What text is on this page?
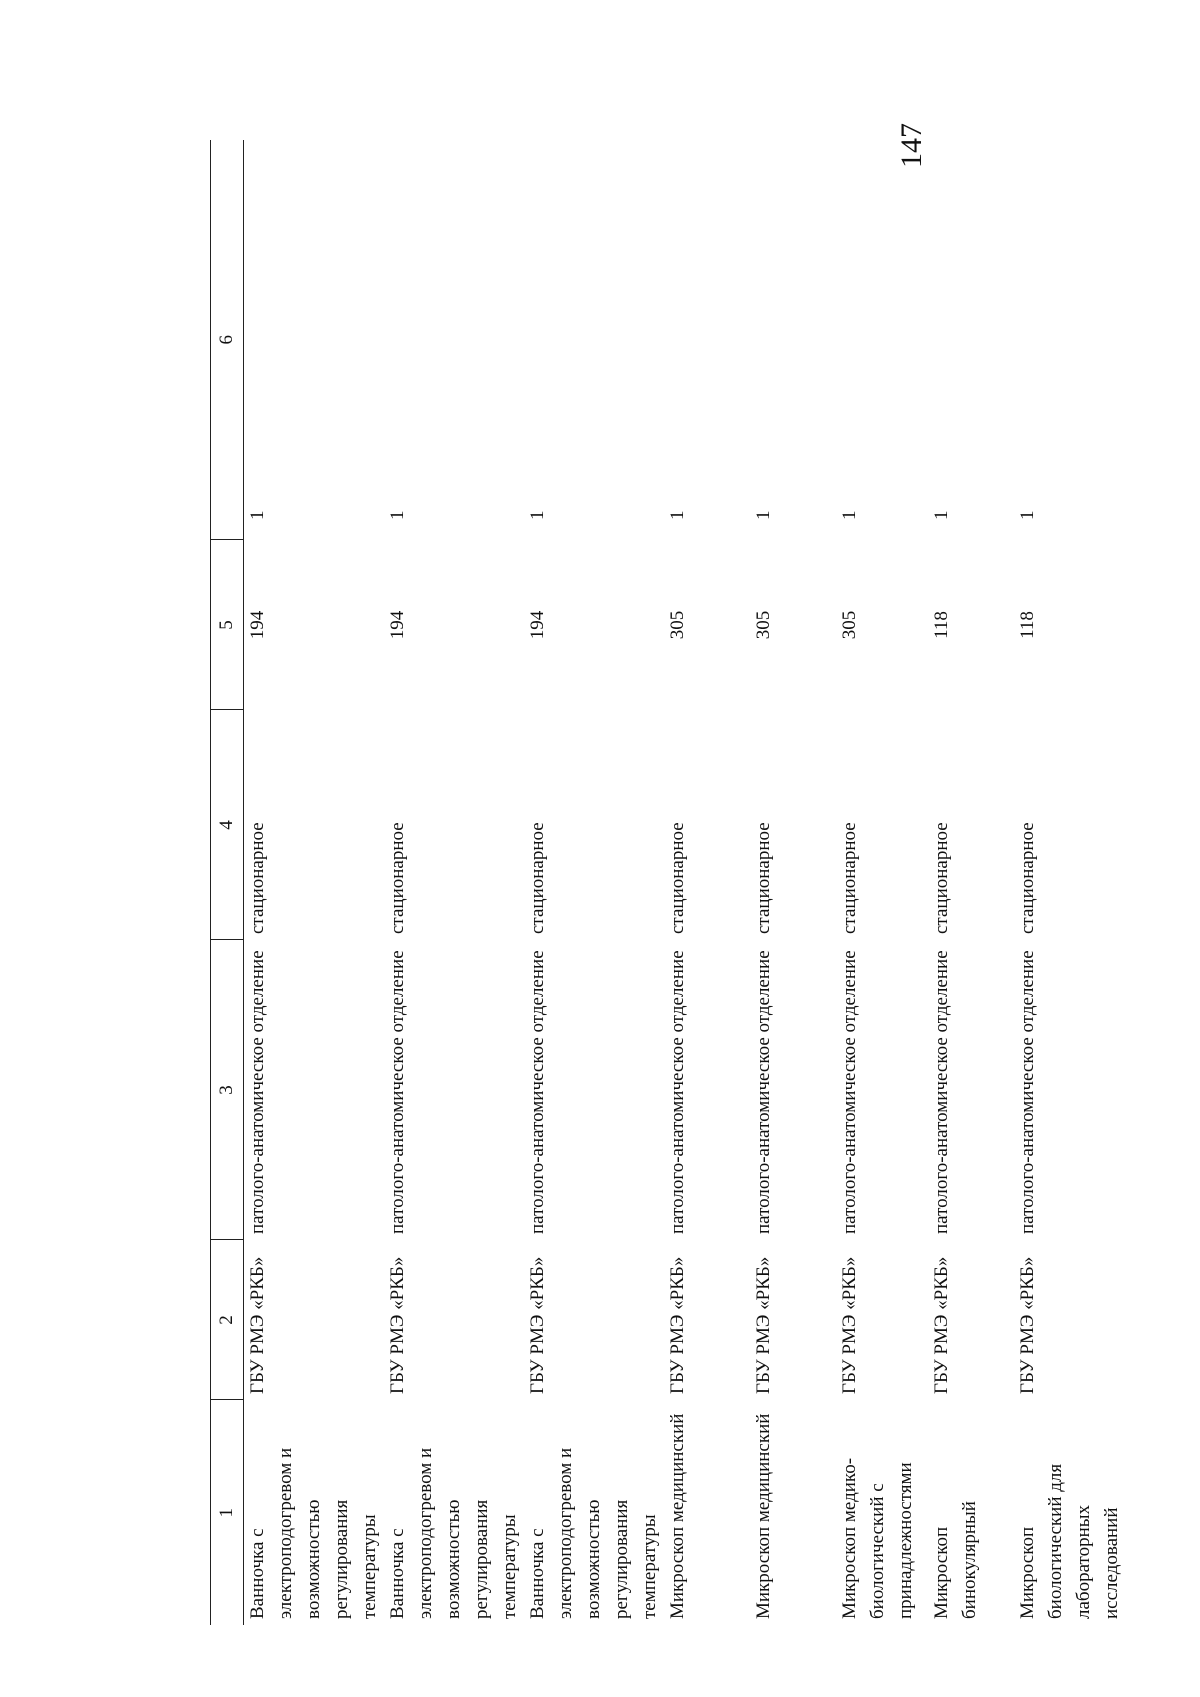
147
1	2	3	4	5	6
Ванночка с электроподогревом и возможностью регулирования температуры	ГБУ РМЭ «РКБ»	патолого-анатомическое отделение	стационарное	194	1
Ванночка с электроподогревом и возможностью регулирования температуры	ГБУ РМЭ «РКБ»	патолого-анатомическое отделение	стационарное	194	1
Ванночка с электроподогревом и возможностью регулирования температуры	ГБУ РМЭ «РКБ»	патолого-анатомическое отделение	стационарное	194	1
Микроскоп медицинский	ГБУ РМЭ «РКБ»	патолого-анатомическое отделение	стационарное	305	1
Микроскоп медицинский	ГБУ РМЭ «РКБ»	патолого-анатомическое отделение	стационарное	305	1
Микроскоп медико-биологический с принадлежностями	ГБУ РМЭ «РКБ»	патолого-анатомическое отделение	стационарное	305	1
Микроскоп бинокулярный	ГБУ РМЭ «РКБ»	патолого-анатомическое отделение	стационарное	118	1
Микроскоп биологический для лабораторных исследований	ГБУ РМЭ «РКБ»	патолого-анатомическое отделение	стационарное	118	1
